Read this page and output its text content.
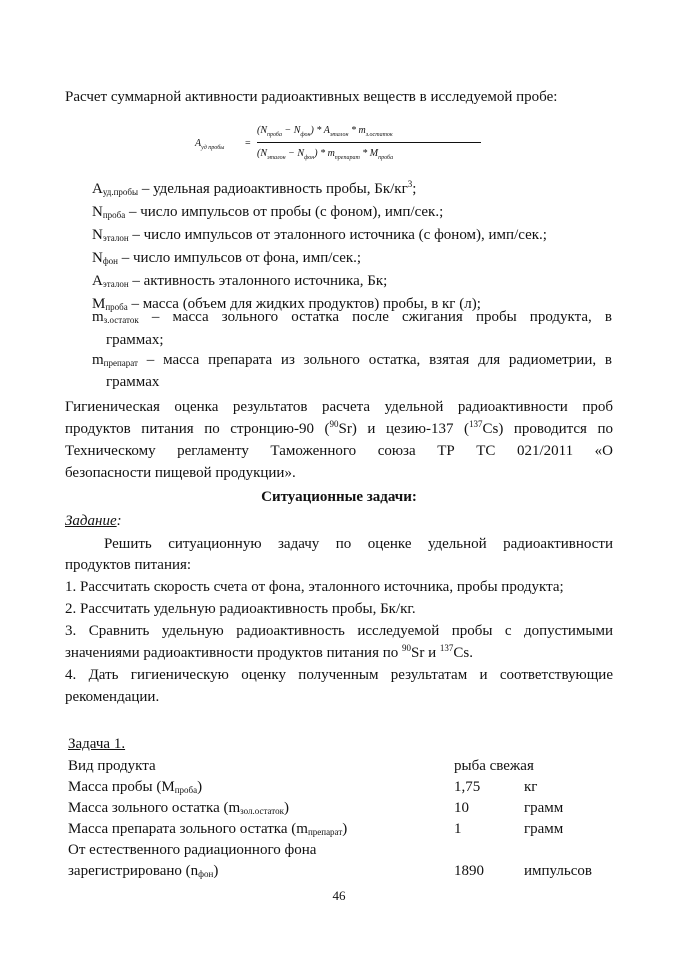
Расчет суммарной активности радиоактивных веществ в исследуемой пробе:

$A_{уд пробы}$ =
$(N_{проба} - N_{фон}) * A_{эталон} * m_{з.остаток}$
$(N_{эталон} - N_{фон}) * m_{препарат} * M_{проба}$

$A_{уд.пробы}$ – удельная радиоактивность пробы, $Бк/кг^3$;

$N_{проба}$ – число импульсов от пробы (с фоном), имп/сек.;

$N_{эталон}$ – число импульсов от эталонного источника (с фоном), имп/сек.;

$N_{фон}$ – число импульсов от фона, имп/сек.;

$A_{эталон}$ – активность эталонного источника, Бк;

$M_{проба}$ – масса (объем для жидких продуктов) пробы, в кг (л);

$m_{з.остаток}$ – масса зольного остатка после сжигания пробы продукта, в

граммах;

$m_{препарат}$ – масса препарата из зольного остатка, взятая для радиометрии, в

граммах

Гигиеническая оценка результатов расчета удельной радиоактивности проб

продуктов питания по стронцию-90 ($^{90}$Sr) и цезию-137 ($^{137}$Cs) проводится по

Техническому регламенту Таможенного союза ТР ТС 021/2011 «О

безопасности пищевой продукции».

Ситуационные задачи:

Задание:

Решить ситуационную задачу по оценке удельной радиоактивности

продуктов питания:

1. Рассчитать скорость счета от фона, эталонного источника, пробы продукта;

2. Рассчитать удельную радиоактивность пробы, Бк/кг.

3. Сравнить удельную радиоактивность исследуемой пробы с допустимыми

значениями радиоактивности продуктов питания по $^{90}$Sr и $^{137}$Cs.

4. Дать гигиеническую оценку полученным результатам и соответствующие

рекомендации.

Задача 1.

Вид продукта	рыба свежая
Масса пробы $(М_{проба})$	1,75	кг
Масса зольного остатка $(m_{зол.остаток})$	10	грамм
Масса препарата зольного остатка $(m_{препарат})$	1	грамм
От естественного радиационного фона
зарегистрировано $(n_{фон})$	1890	импульсов
46
